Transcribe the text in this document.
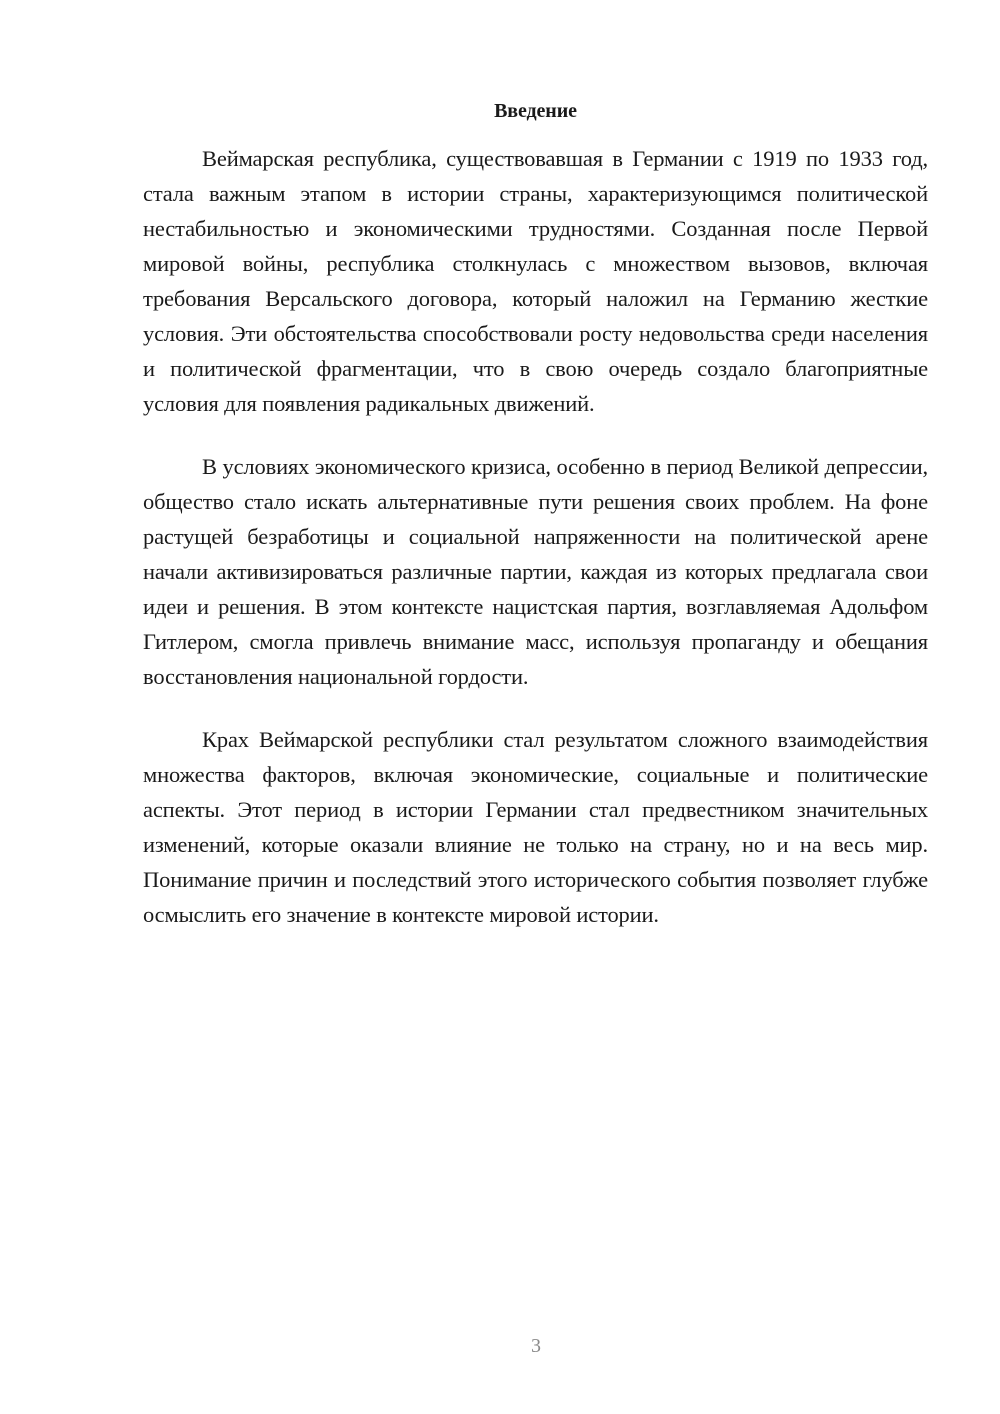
Введение

Веймарская республика, существовавшая в Германии с 1919 по 1933 год, стала важным этапом в истории страны, характеризующимся политической нестабильностью и экономическими трудностями. Созданная после Первой мировой войны, республика столкнулась с множеством вызовов, включая требования Версальского договора, который наложил на Германию жесткие условия. Эти обстоятельства способствовали росту недовольства среди населения и политической фрагментации, что в свою очередь создало благоприятные условия для появления радикальных движений.

В условиях экономического кризиса, особенно в период Великой депрессии, общество стало искать альтернативные пути решения своих проблем. На фоне растущей безработицы и социальной напряженности на политической арене начали активизироваться различные партии, каждая из которых предлагала свои идеи и решения. В этом контексте нацистская партия, возглавляемая Адольфом Гитлером, смогла привлечь внимание масс, используя пропаганду и обещания восстановления национальной гордости.

Крах Веймарской республики стал результатом сложного взаимодействия множества факторов, включая экономические, социальные и политические аспекты. Этот период в истории Германии стал предвестником значительных изменений, которые оказали влияние не только на страну, но и на весь мир. Понимание причин и последствий этого исторического события позволяет глубже осмыслить его значение в контексте мировой истории.

3
